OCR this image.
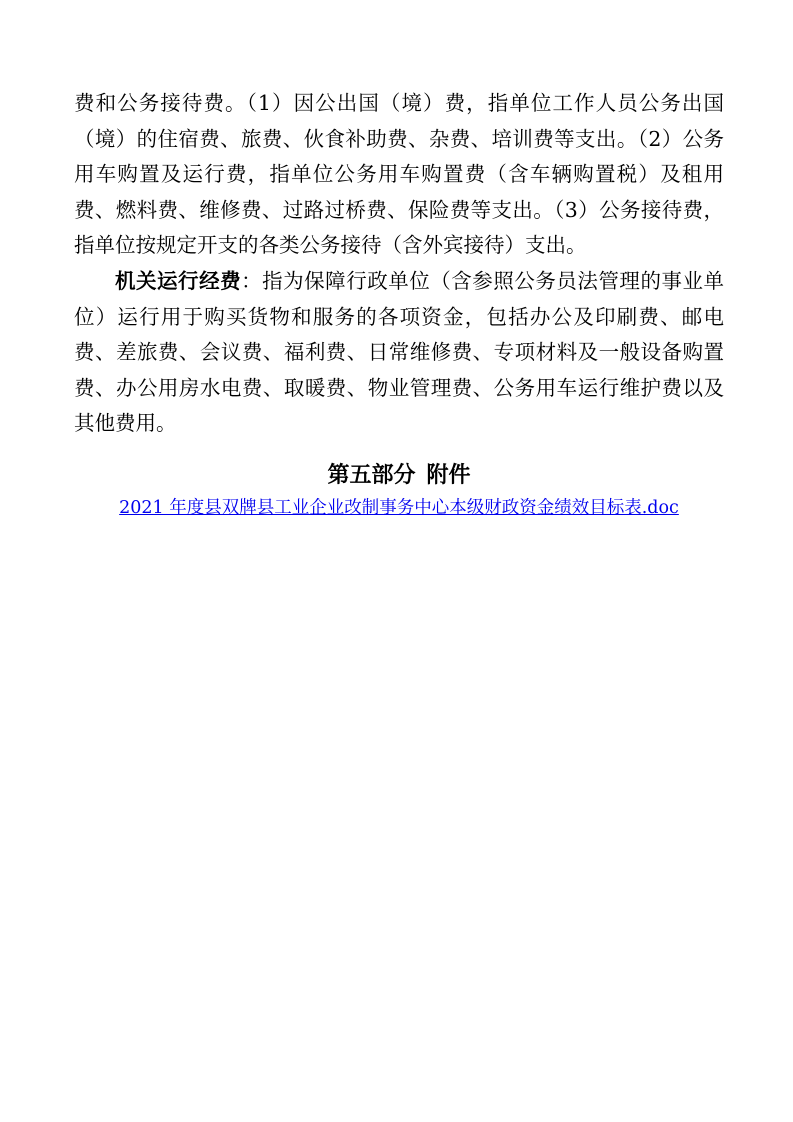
费和公务接待费。（1）因公出国（境）费，指单位工作人员公务出国（境）的住宿费、旅费、伙食补助费、杂费、培训费等支出。（2）公务用车购置及运行费，指单位公务用车购置费（含车辆购置税）及租用费、燃料费、维修费、过路过桥费、保险费等支出。（3）公务接待费，指单位按规定开支的各类公务接待（含外宾接待）支出。

机关运行经费：指为保障行政单位（含参照公务员法管理的事业单位）运行用于购买货物和服务的各项资金，包括办公及印刷费、邮电费、差旅费、会议费、福利费、日常维修费、专项材料及一般设备购置费、办公用房水电费、取暖费、物业管理费、公务用车运行维护费以及其他费用。

第五部分 附件
2021 年度县双牌县工业企业改制事务中心本级财政资金绩效目标表.doc
